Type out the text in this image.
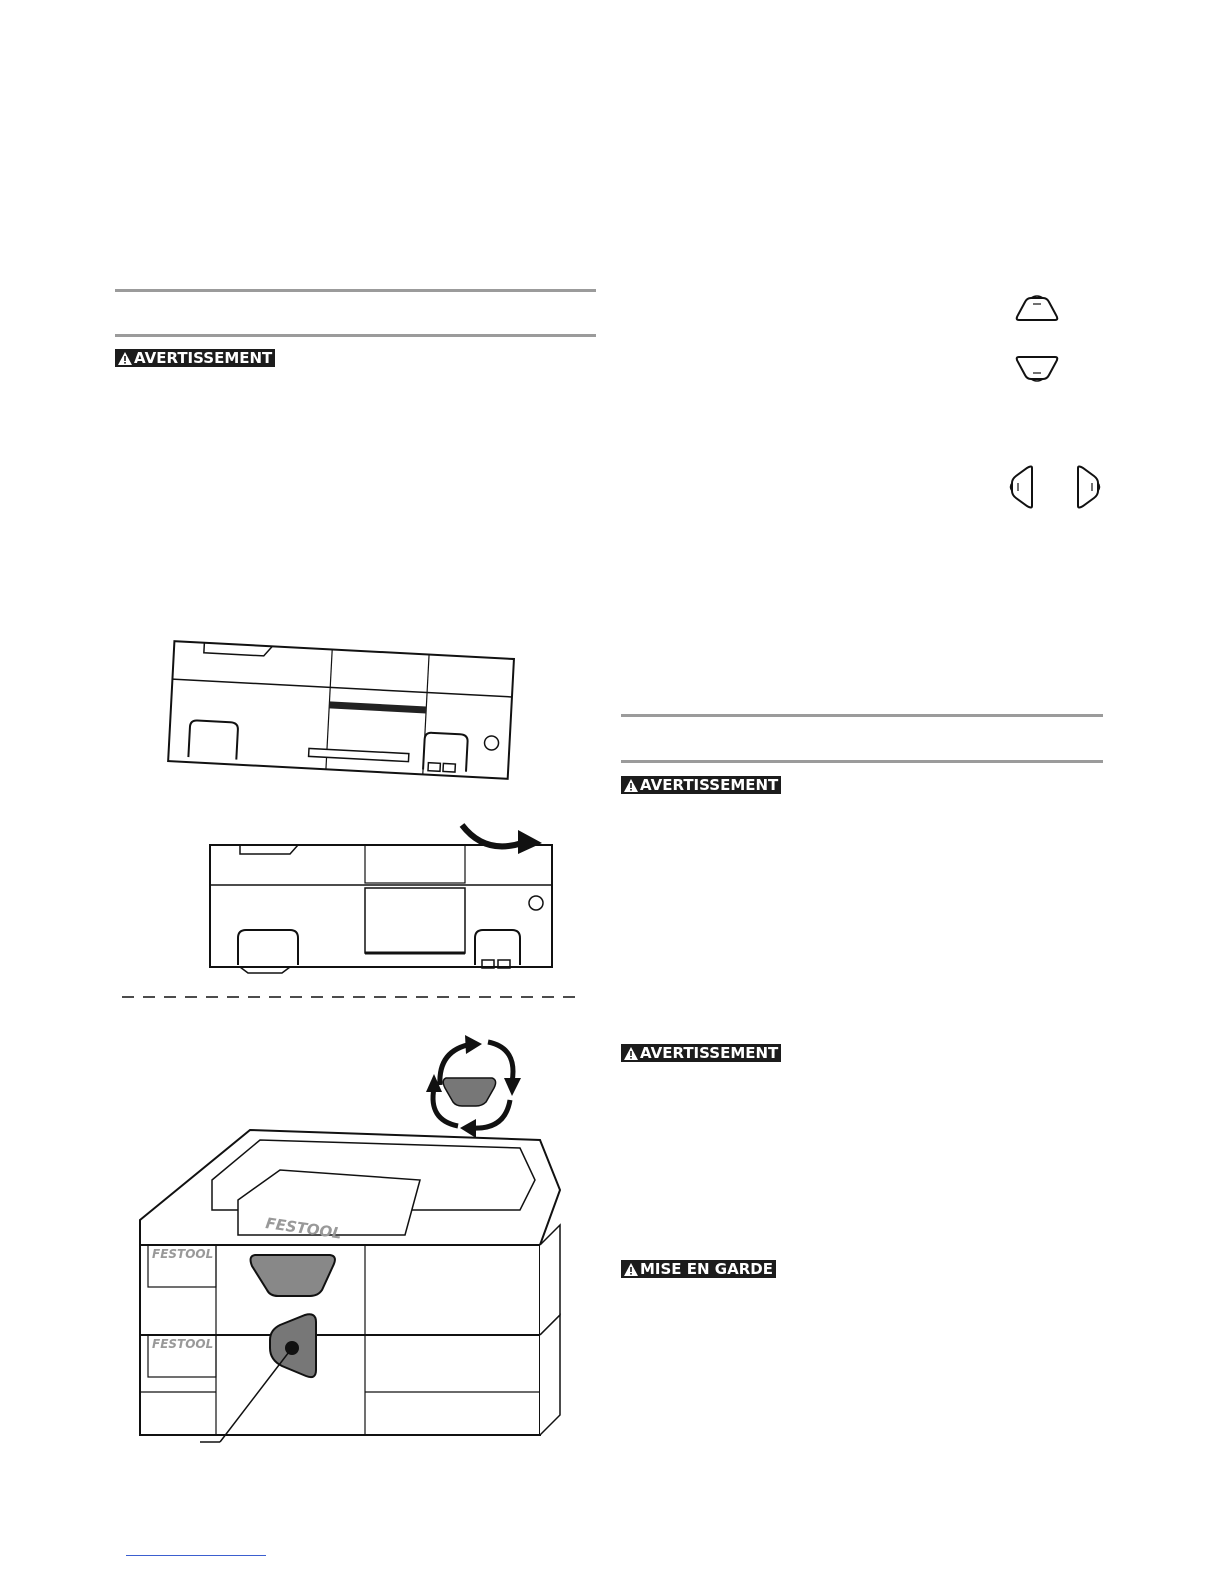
AVERTISSEMENT
AVERTISSEMENT
AVERTISSEMENT
MISE EN GARDE
FESTOOL
FESTOOL
FESTOOL
